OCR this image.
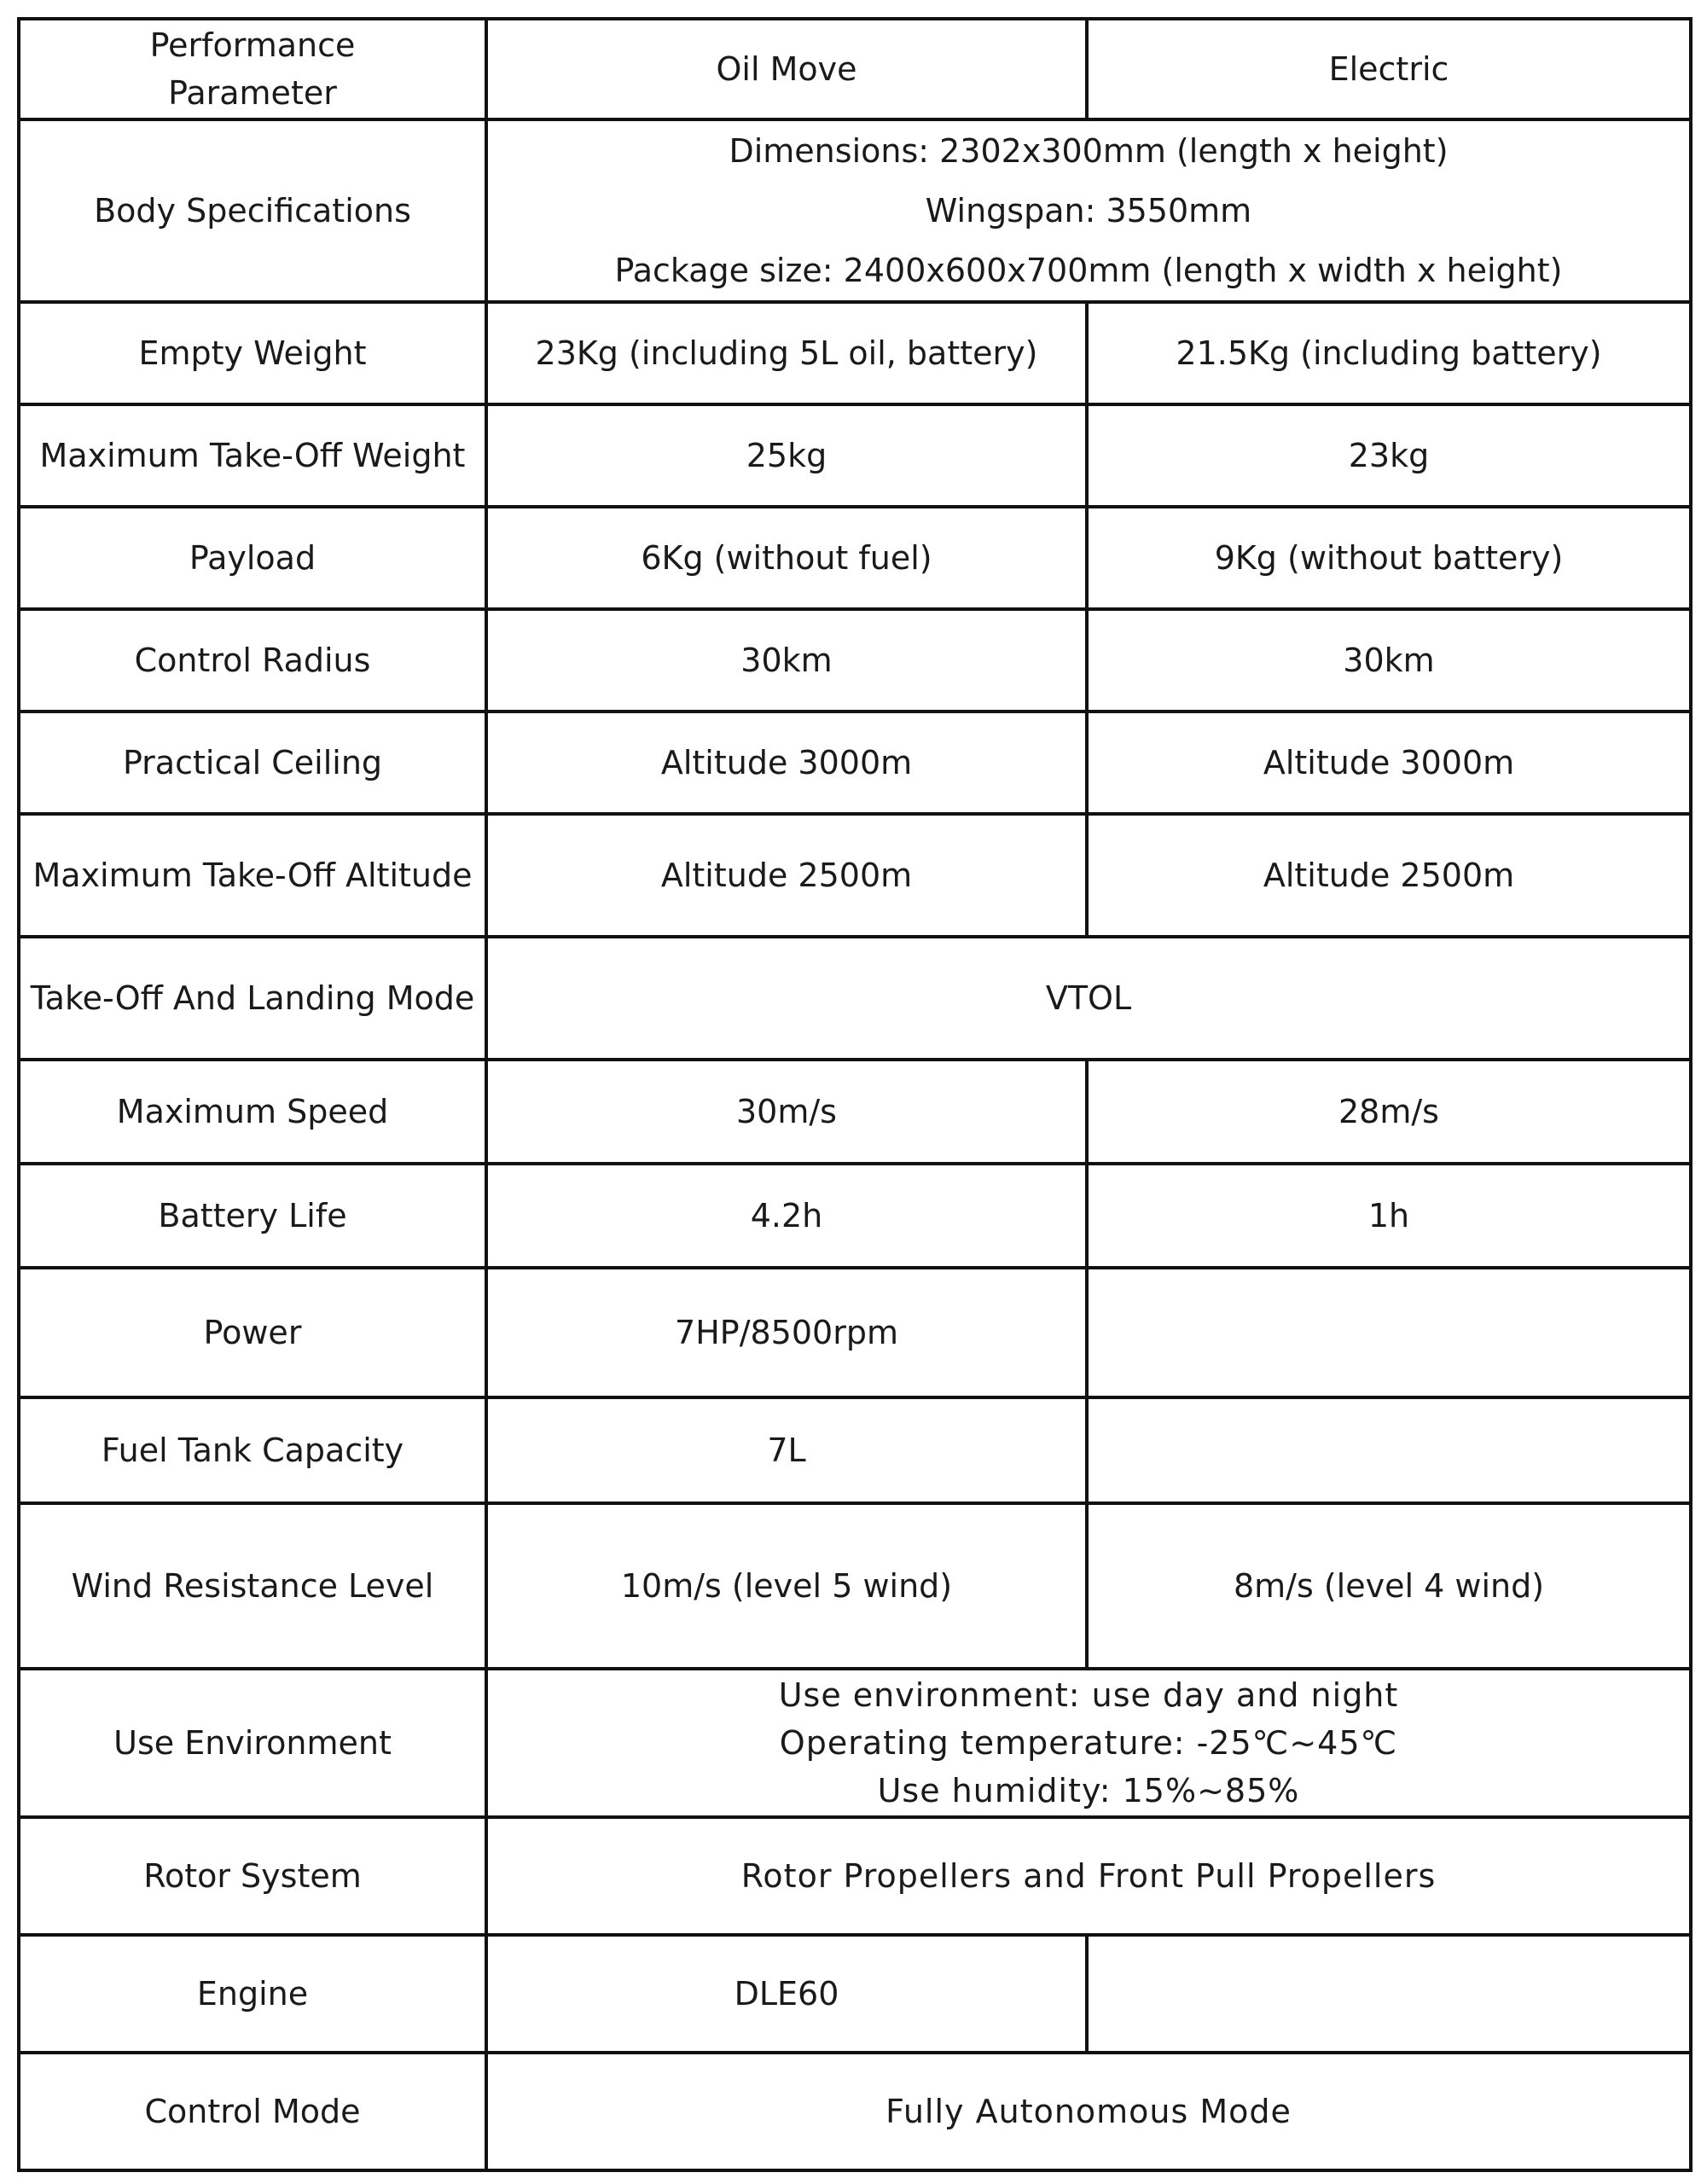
Performance Parameter	Oil Move	Electric
Body Specifications	Dimensions: 2302x300mm (length x height)
Wingspan: 3550mm
Package size: 2400x600x700mm (length x width x height)	

Empty Weight	23Kg (including 5L oil, battery)	21.5Kg (including battery)
Maximum Take-Off Weight	25kg	23kg
Payload	6Kg (without fuel)	9Kg (without battery)
Control Radius	30km	30km
Practical Ceiling	Altitude 3000m	Altitude 3000m
Maximum Take-Off Altitude	Altitude 2500m	Altitude 2500m
Take-Off And Landing Mode	VTOL	
Maximum Speed	30m/s	28m/s
Battery Life	4.2h	1h
Power	7HP/8500rpm	
Fuel Tank Capacity	7L	
Wind Resistance Level	10m/s (level 5 wind)	8m/s (level 4 wind)
Use Environment	Use environment: use day and night
Operating temperature: -25℃~45℃
Use humidity: 15%~85%	

Rotor System	Rotor Propellers and Front Pull Propellers	
Engine	DLE60	
Control Mode	Fully Autonomous Mode	
